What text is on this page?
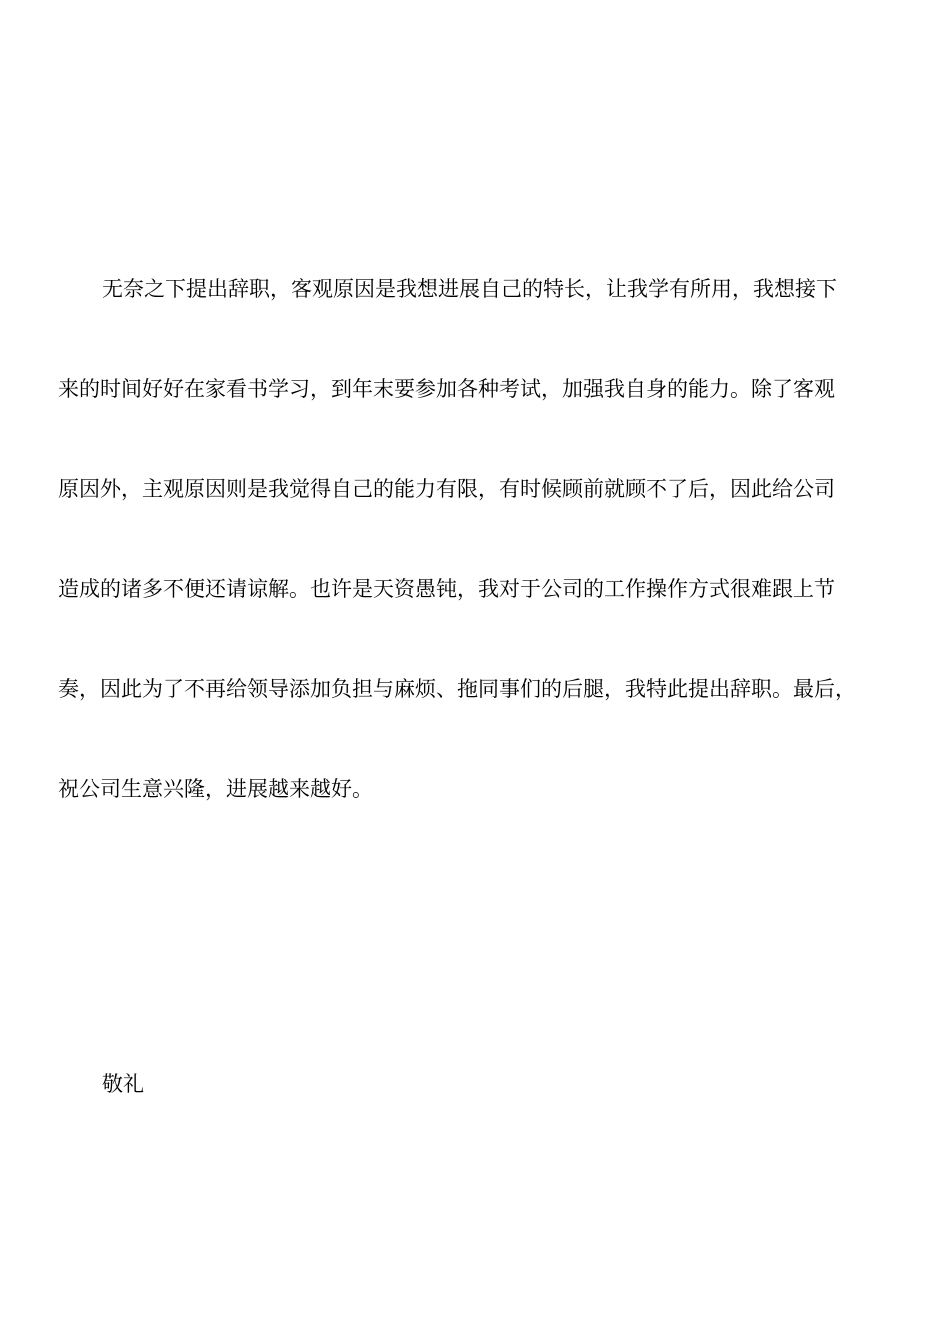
无奈之下提出辞职，客观原因是我想进展自己的特长，让我学有所用，我想接下
来的时间好好在家看书学习，到年末要参加各种考试，加强我自身的能力。除了客观
原因外，主观原因则是我觉得自己的能力有限，有时候顾前就顾不了后，因此给公司
造成的诸多不便还请谅解。也许是天资愚钝，我对于公司的工作操作方式很难跟上节
奏，因此为了不再给领导添加负担与麻烦、拖同事们的后腿，我特此提出辞职。最后，
祝公司生意兴隆，进展越来越好。

敬礼
